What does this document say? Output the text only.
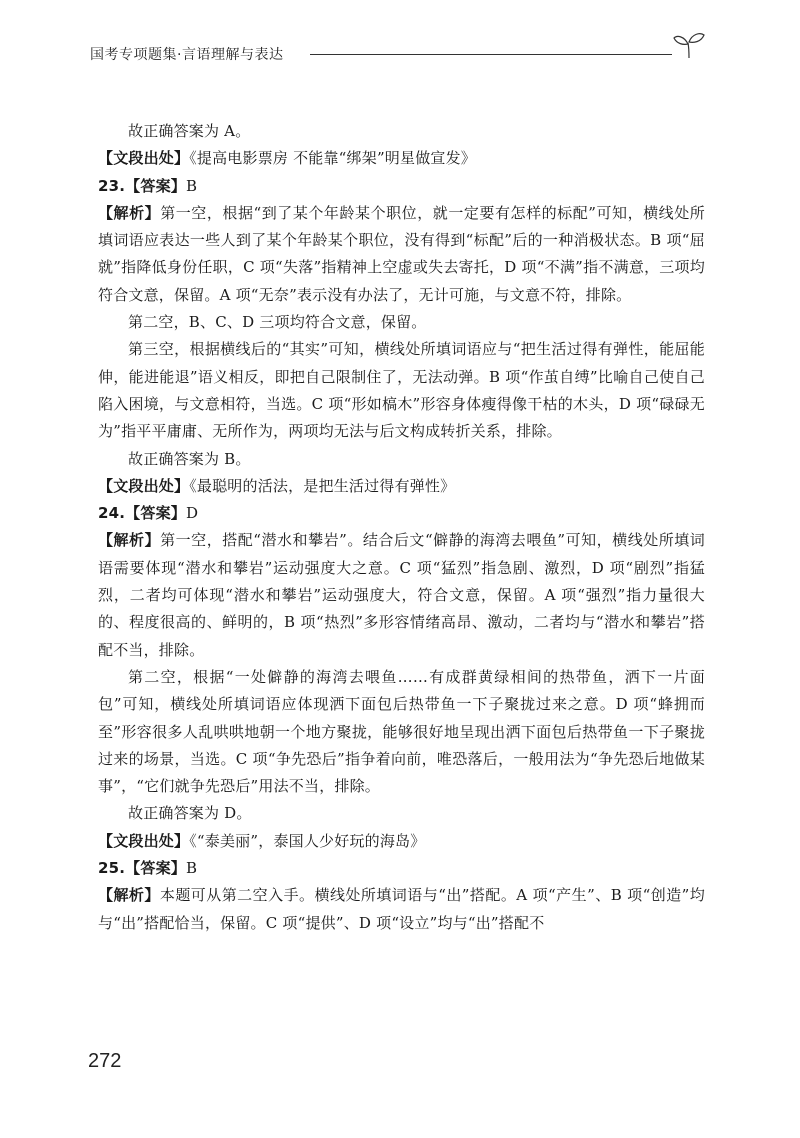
国考专项题集·言语理解与表达

故正确答案为 A。

【文段出处】《提高电影票房 不能靠“绑架”明星做宣发》

23.【答案】B

【解析】第一空，根据“到了某个年龄某个职位，就一定要有怎样的标配”可知，横线处所填词语应表达一些人到了某个年龄某个职位，没有得到“标配”后的一种消极状态。B 项“屈就”指降低身份任职，C 项“失落”指精神上空虚或失去寄托，D 项“不满”指不满意，三项均符合文意，保留。A 项“无奈”表示没有办法了，无计可施，与文意不符，排除。

第二空，B、C、D 三项均符合文意，保留。

第三空，根据横线后的“其实”可知，横线处所填词语应与“把生活过得有弹性，能屈能伸，能进能退”语义相反，即把自己限制住了，无法动弹。B 项“作茧自缚”比喻自己使自己陷入困境，与文意相符，当选。C 项“形如槁木”形容身体瘦得像干枯的木头，D 项“碌碌无为”指平平庸庸、无所作为，两项均无法与后文构成转折关系，排除。

故正确答案为 B。

【文段出处】《最聪明的活法，是把生活过得有弹性》

24.【答案】D

【解析】第一空，搭配“潜水和攀岩”。结合后文“僻静的海湾去喂鱼”可知，横线处所填词语需要体现“潜水和攀岩”运动强度大之意。C 项“猛烈”指急剧、激烈，D 项“剧烈”指猛烈，二者均可体现“潜水和攀岩”运动强度大，符合文意，保留。A 项“强烈”指力量很大的、程度很高的、鲜明的，B 项“热烈”多形容情绪高昂、激动，二者均与“潜水和攀岩”搭配不当，排除。

第二空，根据“一处僻静的海湾去喂鱼……有成群黄绿相间的热带鱼，洒下一片面包”可知，横线处所填词语应体现洒下面包后热带鱼一下子聚拢过来之意。D 项“蜂拥而至”形容很多人乱哄哄地朝一个地方聚拢，能够很好地呈现出洒下面包后热带鱼一下子聚拢过来的场景，当选。C 项“争先恐后”指争着向前，唯恐落后，一般用法为“争先恐后地做某事”，“它们就争先恐后”用法不当，排除。

故正确答案为 D。

【文段出处】《“泰美丽”，泰国人少好玩的海岛》

25.【答案】B

【解析】本题可从第二空入手。横线处所填词语与“出”搭配。A 项“产生”、B 项“创造”均与“出”搭配恰当，保留。C 项“提供”、D 项“设立”均与“出”搭配不

272
